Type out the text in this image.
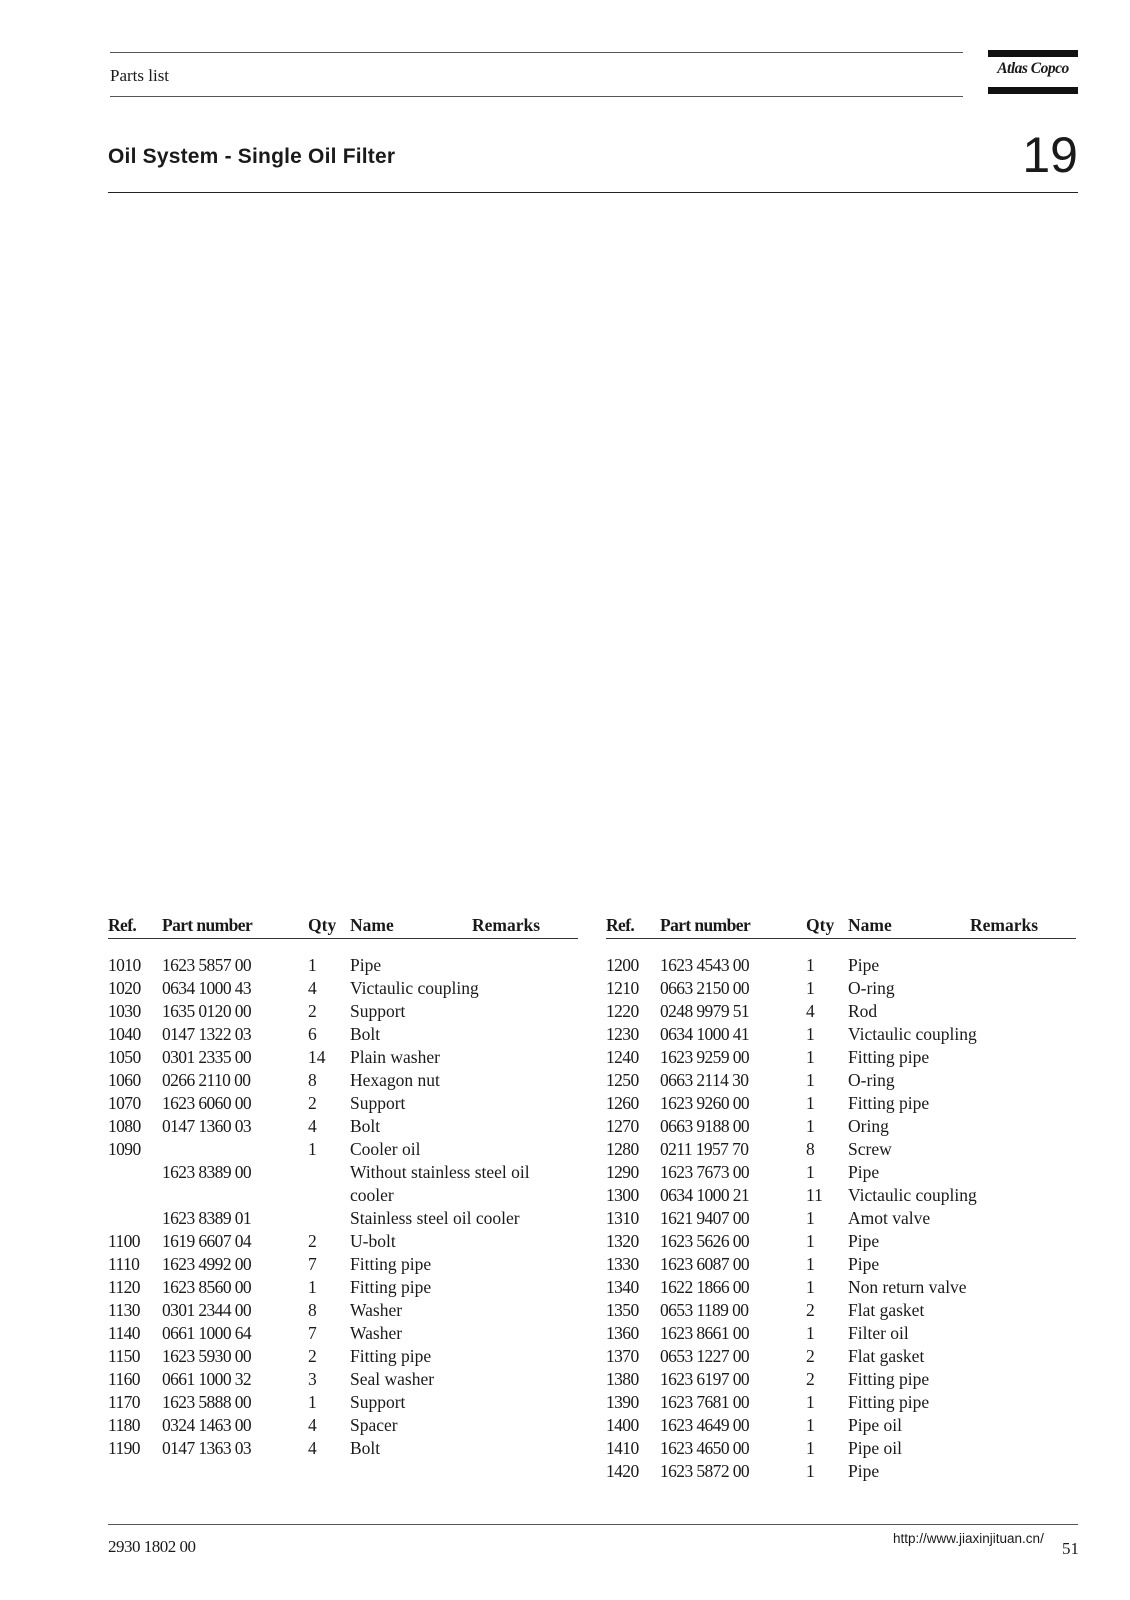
Parts list	Atlas Copco
Oil System - Single Oil Filter	19
Ref. Part number	Qty Name	Remarks
1010 1623 5857 00	1 Pipe
1020 0634 1000 43	4 Victaulic coupling
1030 1635 0120 00	2 Support
1040 0147 1322 03	6 Bolt
1050 0301 2335 00	14 Plain washer
1060 0266 2110 00	8 Hexagon nut
1070 1623 6060 00	2 Support
1080 0147 1360 03	4 Bolt
1090	1 Cooler oil
1623 8389 00	Without stainless steel oil
cooler
1623 8389 01	Stainless steel oil cooler
1100 1619 6607 04	2 U-bolt
1110 1623 4992 00	7 Fitting pipe
1120 1623 8560 00	1 Fitting pipe
1130 0301 2344 00	8 Washer
1140 0661 1000 64	7 Washer
1150 1623 5930 00	2 Fitting pipe
1160 0661 1000 32	3 Seal washer
1170 1623 5888 00	1 Support
1180 0324 1463 00	4 Spacer
1190 0147 1363 03	4 Bolt
Ref. Part number	Qty Name	Remarks
1200 1623 4543 00	1 Pipe
1210 0663 2150 00	1 O-ring
1220 0248 9979 51	4 Rod
1230 0634 1000 41	1 Victaulic coupling
1240 1623 9259 00	1 Fitting pipe
1250 0663 2114 30	1 O-ring
1260 1623 9260 00	1 Fitting pipe
1270 0663 9188 00	1 Oring
1280 0211 1957 70	8 Screw
1290 1623 7673 00	1 Pipe
1300 0634 1000 21	11 Victaulic coupling
1310 1621 9407 00	1 Amot valve
1320 1623 5626 00	1 Pipe
1330 1623 6087 00	1 Pipe
1340 1622 1866 00	1 Non return valve
1350 0653 1189 00	2 Flat gasket
1360 1623 8661 00	1 Filter oil
1370 0653 1227 00	2 Flat gasket
1380 1623 6197 00	2 Fitting pipe
1390 1623 7681 00	1 Fitting pipe
1400 1623 4649 00	1 Pipe oil
1410 1623 4650 00	1 Pipe oil
1420 1623 5872 00	1 Pipe
2930 1802 00	http://www.jiaxinjituan.cn/
51
